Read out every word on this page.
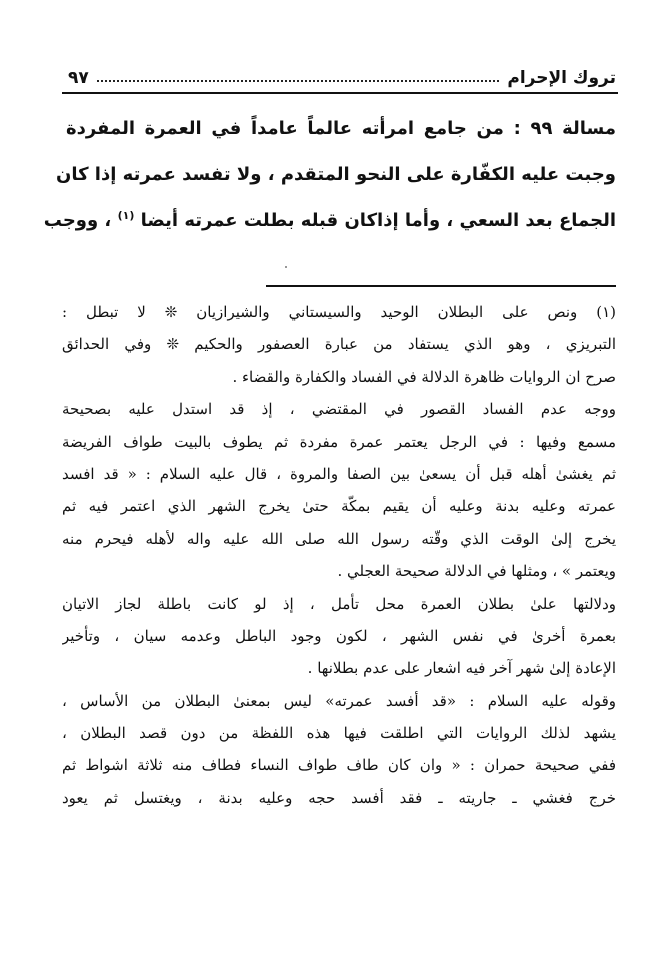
تروك الإحرام
٩٧
مسالة ٩٩ : من جامع امرأته عالماً عامداً في العمرة المفردة
وجبت عليه الكفّارة على النحو المتقدم ، ولا تفسد عمرته إذا كان
الجماع بعد السعي ، وأما إذاكان قبله بطلت عمرته أيضا $^{(١)}$ ، ووجب
(١) ونص على البطلان الوحيد والسيستاني والشيرازيان ❊ لا تبطل :
التبريزي ، وهو الذي يستفاد من عبارة العصفور والحكيم ❊ وفي الحدائق
صرح ان الروايات ظاهرة الدلالة في الفساد والكفارة والقضاء .
ووجه عدم الفساد القصور في المقتضي ، إذ قد استدل عليه بصحيحة
مسمع وفيها : في الرجل يعتمر عمرة مفردة ثم يطوف بالبيت طواف الفريضة
ثم يغشىٰ أهله قبل أن يسعىٰ بين الصفا والمروة ، قال عليه السلام : « قد افسد
عمرته وعليه بدنة وعليه أن يقيم بمكّة حتىٰ يخرج الشهر الذي اعتمر فيه ثم
يخرج إلىٰ الوقت الذي وقّته رسول الله صلى الله عليه واله لأهله فيحرم منه
ويعتمر » ، ومثلها في الدلالة صحيحة العجلي .
ودلالتها علىٰ بطلان العمرة محل تأمل ، إذ لو كانت باطلة لجاز الاتيان
بعمرة أخرىٰ في نفس الشهر ، لكون وجود الباطل وعدمه سيان ، وتأخير
الإعادة إلىٰ شهر آخر فيه اشعار على عدم بطلانها .
وقوله عليه السلام : «قد أفسد عمرته» ليس بمعنىٰ البطلان من الأساس ،
يشهد لذلك الروايات التي اطلقت فيها هذه اللفظة من دون قصد البطلان ،
ففي صحيحة حمران : « وان كان طاف طواف النساء فطاف منه ثلاثة اشواط ثم
خرج فغشي ـ جاريته ـ فقد أفسد حجه وعليه بدنة ، ويغتسل ثم يعود
